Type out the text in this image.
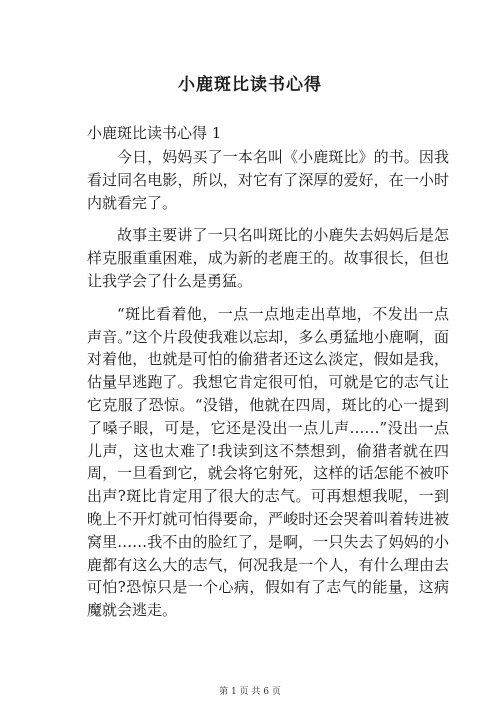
小鹿斑比读书心得
小鹿斑比读书心得 1

今日，妈妈买了一本名叫《小鹿斑比》的书。因我看过同名电影，所以，对它有了深厚的爱好，在一小时内就看完了。

故事主要讲了一只名叫斑比的小鹿失去妈妈后是怎样克服重重困难，成为新的老鹿王的。故事很长，但也让我学会了什么是勇猛。

“斑比看着他，一点一点地走出草地，不发出一点声音。”这个片段使我难以忘却，多么勇猛地小鹿啊，面对着他，也就是可怕的偷猎者还这么淡定，假如是我，估量早逃跑了。我想它肯定很可怕，可就是它的志气让它克服了恐惊。“没错，他就在四周，斑比的心一提到了嗓子眼，可是，它还是没出一点儿声……”没出一点儿声，这也太难了!我读到这不禁想到，偷猎者就在四周，一旦看到它，就会将它射死，这样的话怎能不被吓出声?斑比肯定用了很大的志气。可再想想我呢，一到晚上不开灯就可怕得要命，严峻时还会哭着叫着转进被窝里……我不由的脸红了，是啊，一只失去了妈妈的小鹿都有这么大的志气，何况我是一个人，有什么理由去可怕?恐惊只是一个心病，假如有了志气的能量，这病魔就会逃走。

第 1 页 共 6 页
